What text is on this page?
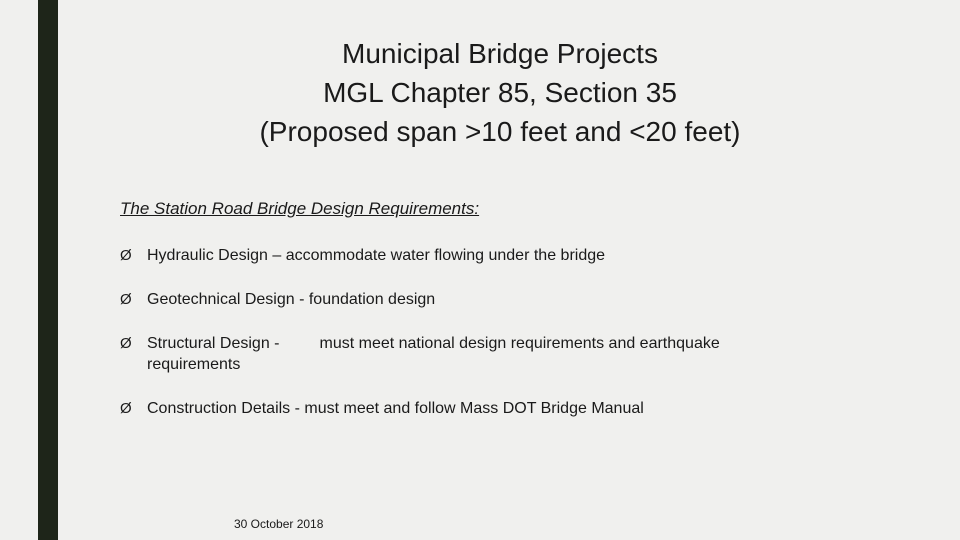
Municipal Bridge Projects
MGL Chapter 85, Section 35
(Proposed span >10 feet and <20 feet)
The Station Road Bridge Design Requirements:
Ø Hydraulic Design – accommodate water flowing under the bridge
Ø Geotechnical Design - foundation design
Ø Structural Design -	must meet national design requirements and earthquake
requirements
Ø Construction Details - must meet and follow Mass DOT Bridge Manual
30 October 2018
